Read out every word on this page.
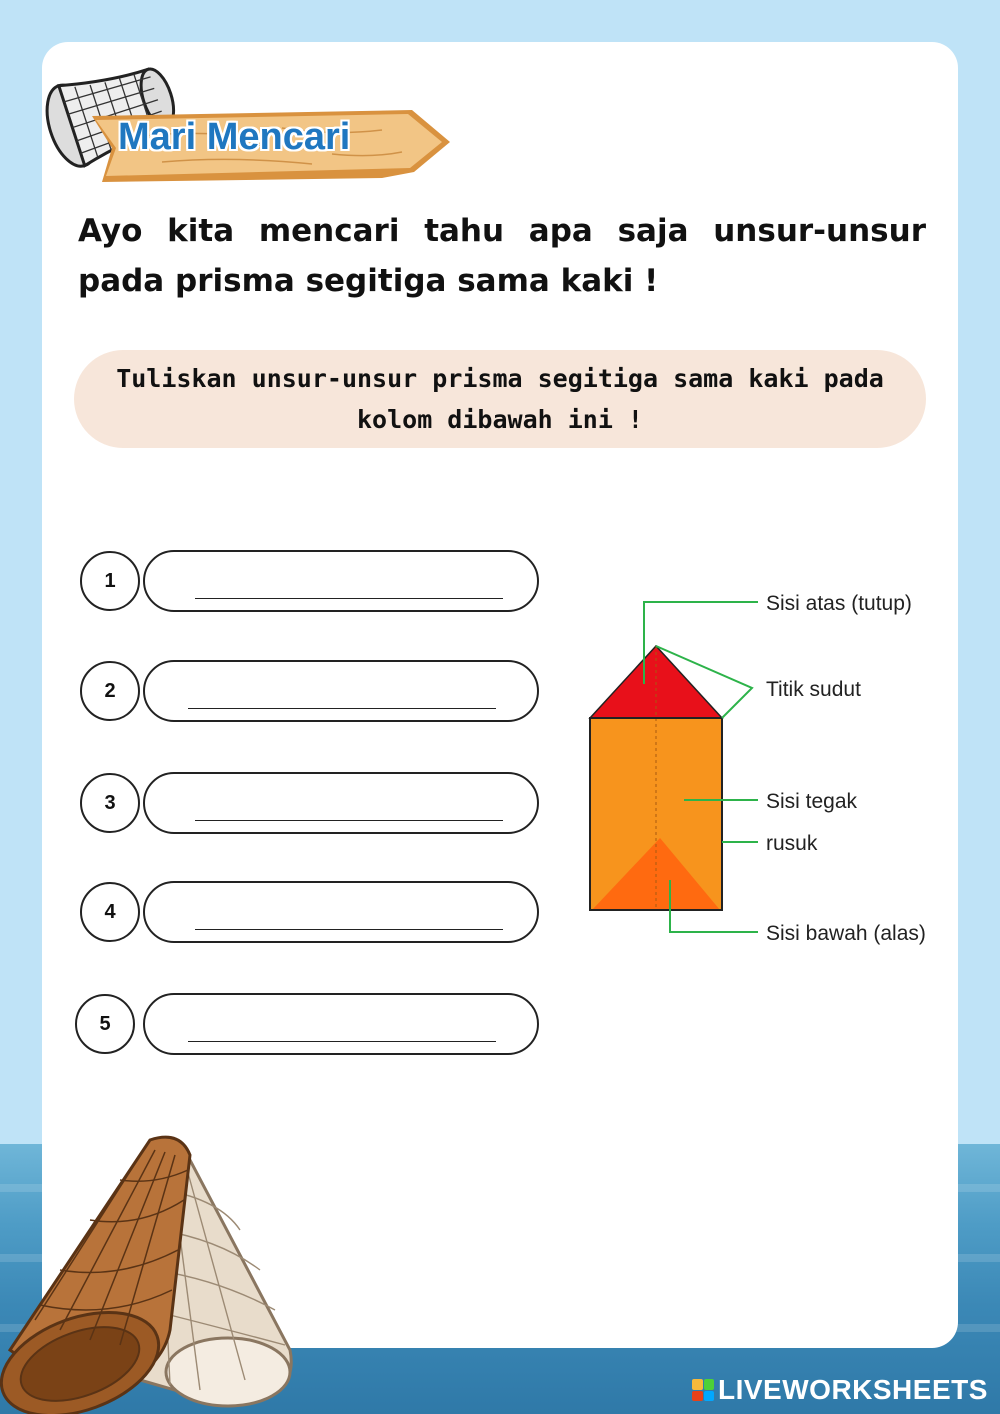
Mari Mencari
Ayo kita mencari tahu apa saja unsur-unsur pada prisma segitiga sama kaki !
Tuliskan unsur-unsur prisma segitiga sama kaki pada
kolom dibawah ini !
1
2
3
4
5
Sisi atas (tutup)
Titik sudut
Sisi tegak
rusuk
Sisi bawah (alas)
LIVEWORKSHEETS
